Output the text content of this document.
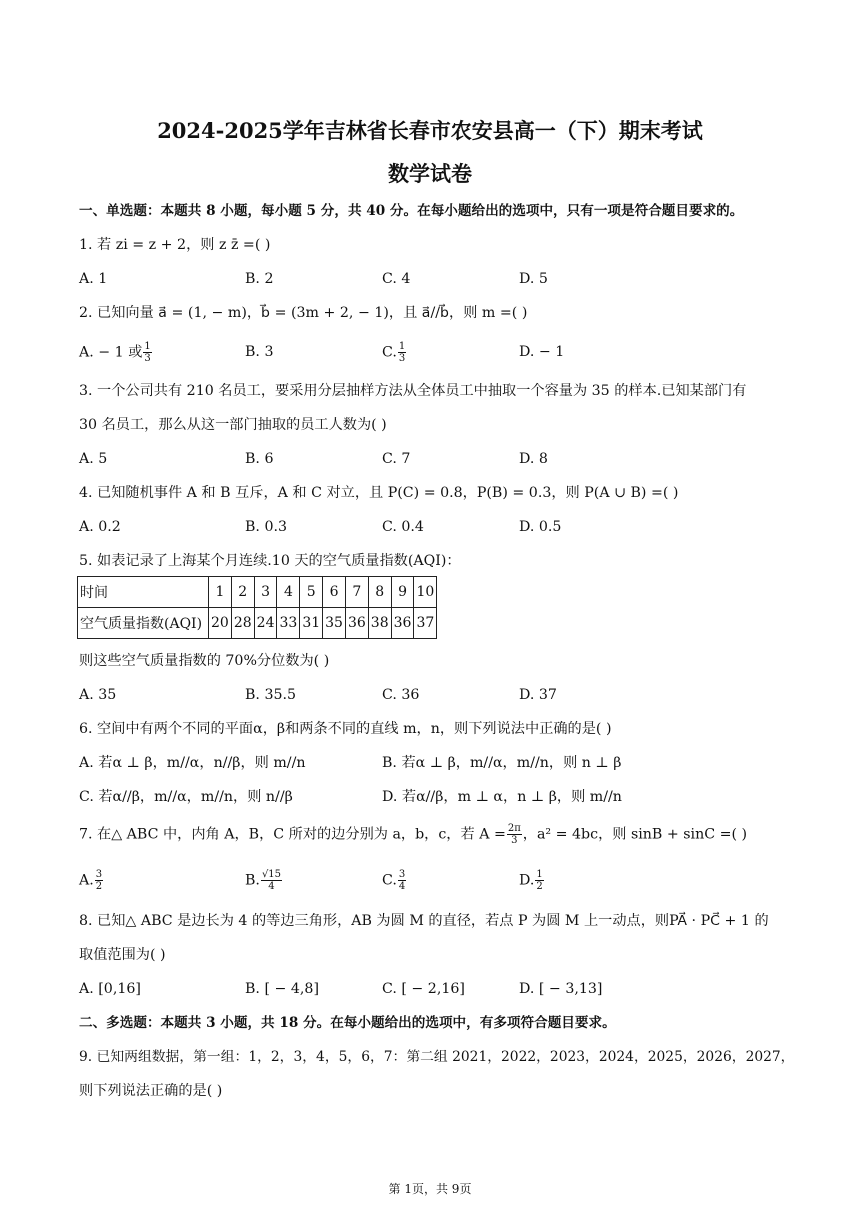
2024-2025学年吉林省长春市农安县高一（下）期末考试
数学试卷
一、单选题：本题共 8 小题，每小题 5 分，共 40 分。在每小题给出的选项中，只有一项是符合题目要求的。
1. 若 zi = z + 2，则 z z̄ =( )
A. 1	B. 2	C. 4	D. 5
2. 已知向量 a⃗ = (1, − m)，b⃗ = (3m + 2, − 1)，且 a⃗//b⃗，则 m =( )
A. − 1 或 $\frac{1}{3}$	B. 3	C. $\frac{1}{3}$	D. − 1
3. 一个公司共有 210 名员工，要采用分层抽样方法从全体员工中抽取一个容量为 35 的样本.已知某部门有
30 名员工，那么从这一部门抽取的员工人数为( )
A. 5	B. 6	C. 7	D. 8
4. 已知随机事件 A 和 B 互斥，A 和 C 对立，且 P(C) = 0.8，P(B) = 0.3，则 P(A ∪ B) =( )
A. 0.2	B. 0.3	C. 0.4	D. 0.5
5. 如表记录了上海某个月连续.10 天的空气质量指数(AQI)：
时间	1	2	3	4	5	6	7	8	9	10
空气质量指数(AQI)	20	28	24	33	31	35	36	38	36	37
则这些空气质量指数的 70%分位数为( )
A. 35	B. 35.5	C. 36	D. 37
6. 空间中有两个不同的平面α，β和两条不同的直线 m，n，则下列说法中正确的是( )
A. 若α ⊥ β，m//α，n//β，则 m//n	B. 若α ⊥ β，m//α，m//n，则 n ⊥ β
C. 若α//β，m//α，m//n，则 n//β	D. 若α//β，m ⊥ α，n ⊥ β，则 m//n
7. 在△ ABC 中，内角 A，B，C 所对的边分别为 a，b，c，若 $A = \frac{2\pi}{3}$ ，a² = 4bc，则 sinB + sinC =( )
A. $\frac{3}{2}$	B. $\frac{√15}{4}$	C. $\frac{3}{4}$	D. $\frac{1}{2}$
8. 已知△ ABC 是边长为 4 的等边三角形，AB 为圆 M 的直径，若点 P 为圆 M 上一动点，则PA⃗ · PC⃗ + 1 的
取值范围为( )
A. [0,16]	B. [ − 4,8]	C. [ − 2,16]	D. [ − 3,13]
二、多选题：本题共 3 小题，共 18 分。在每小题给出的选项中，有多项符合题目要求。
9. 已知两组数据，第一组：1，2，3，4，5，6，7：第二组 2021，2022，2023，2024，2025，2026，2027，
则下列说法正确的是( )
第 1页，共 9页
